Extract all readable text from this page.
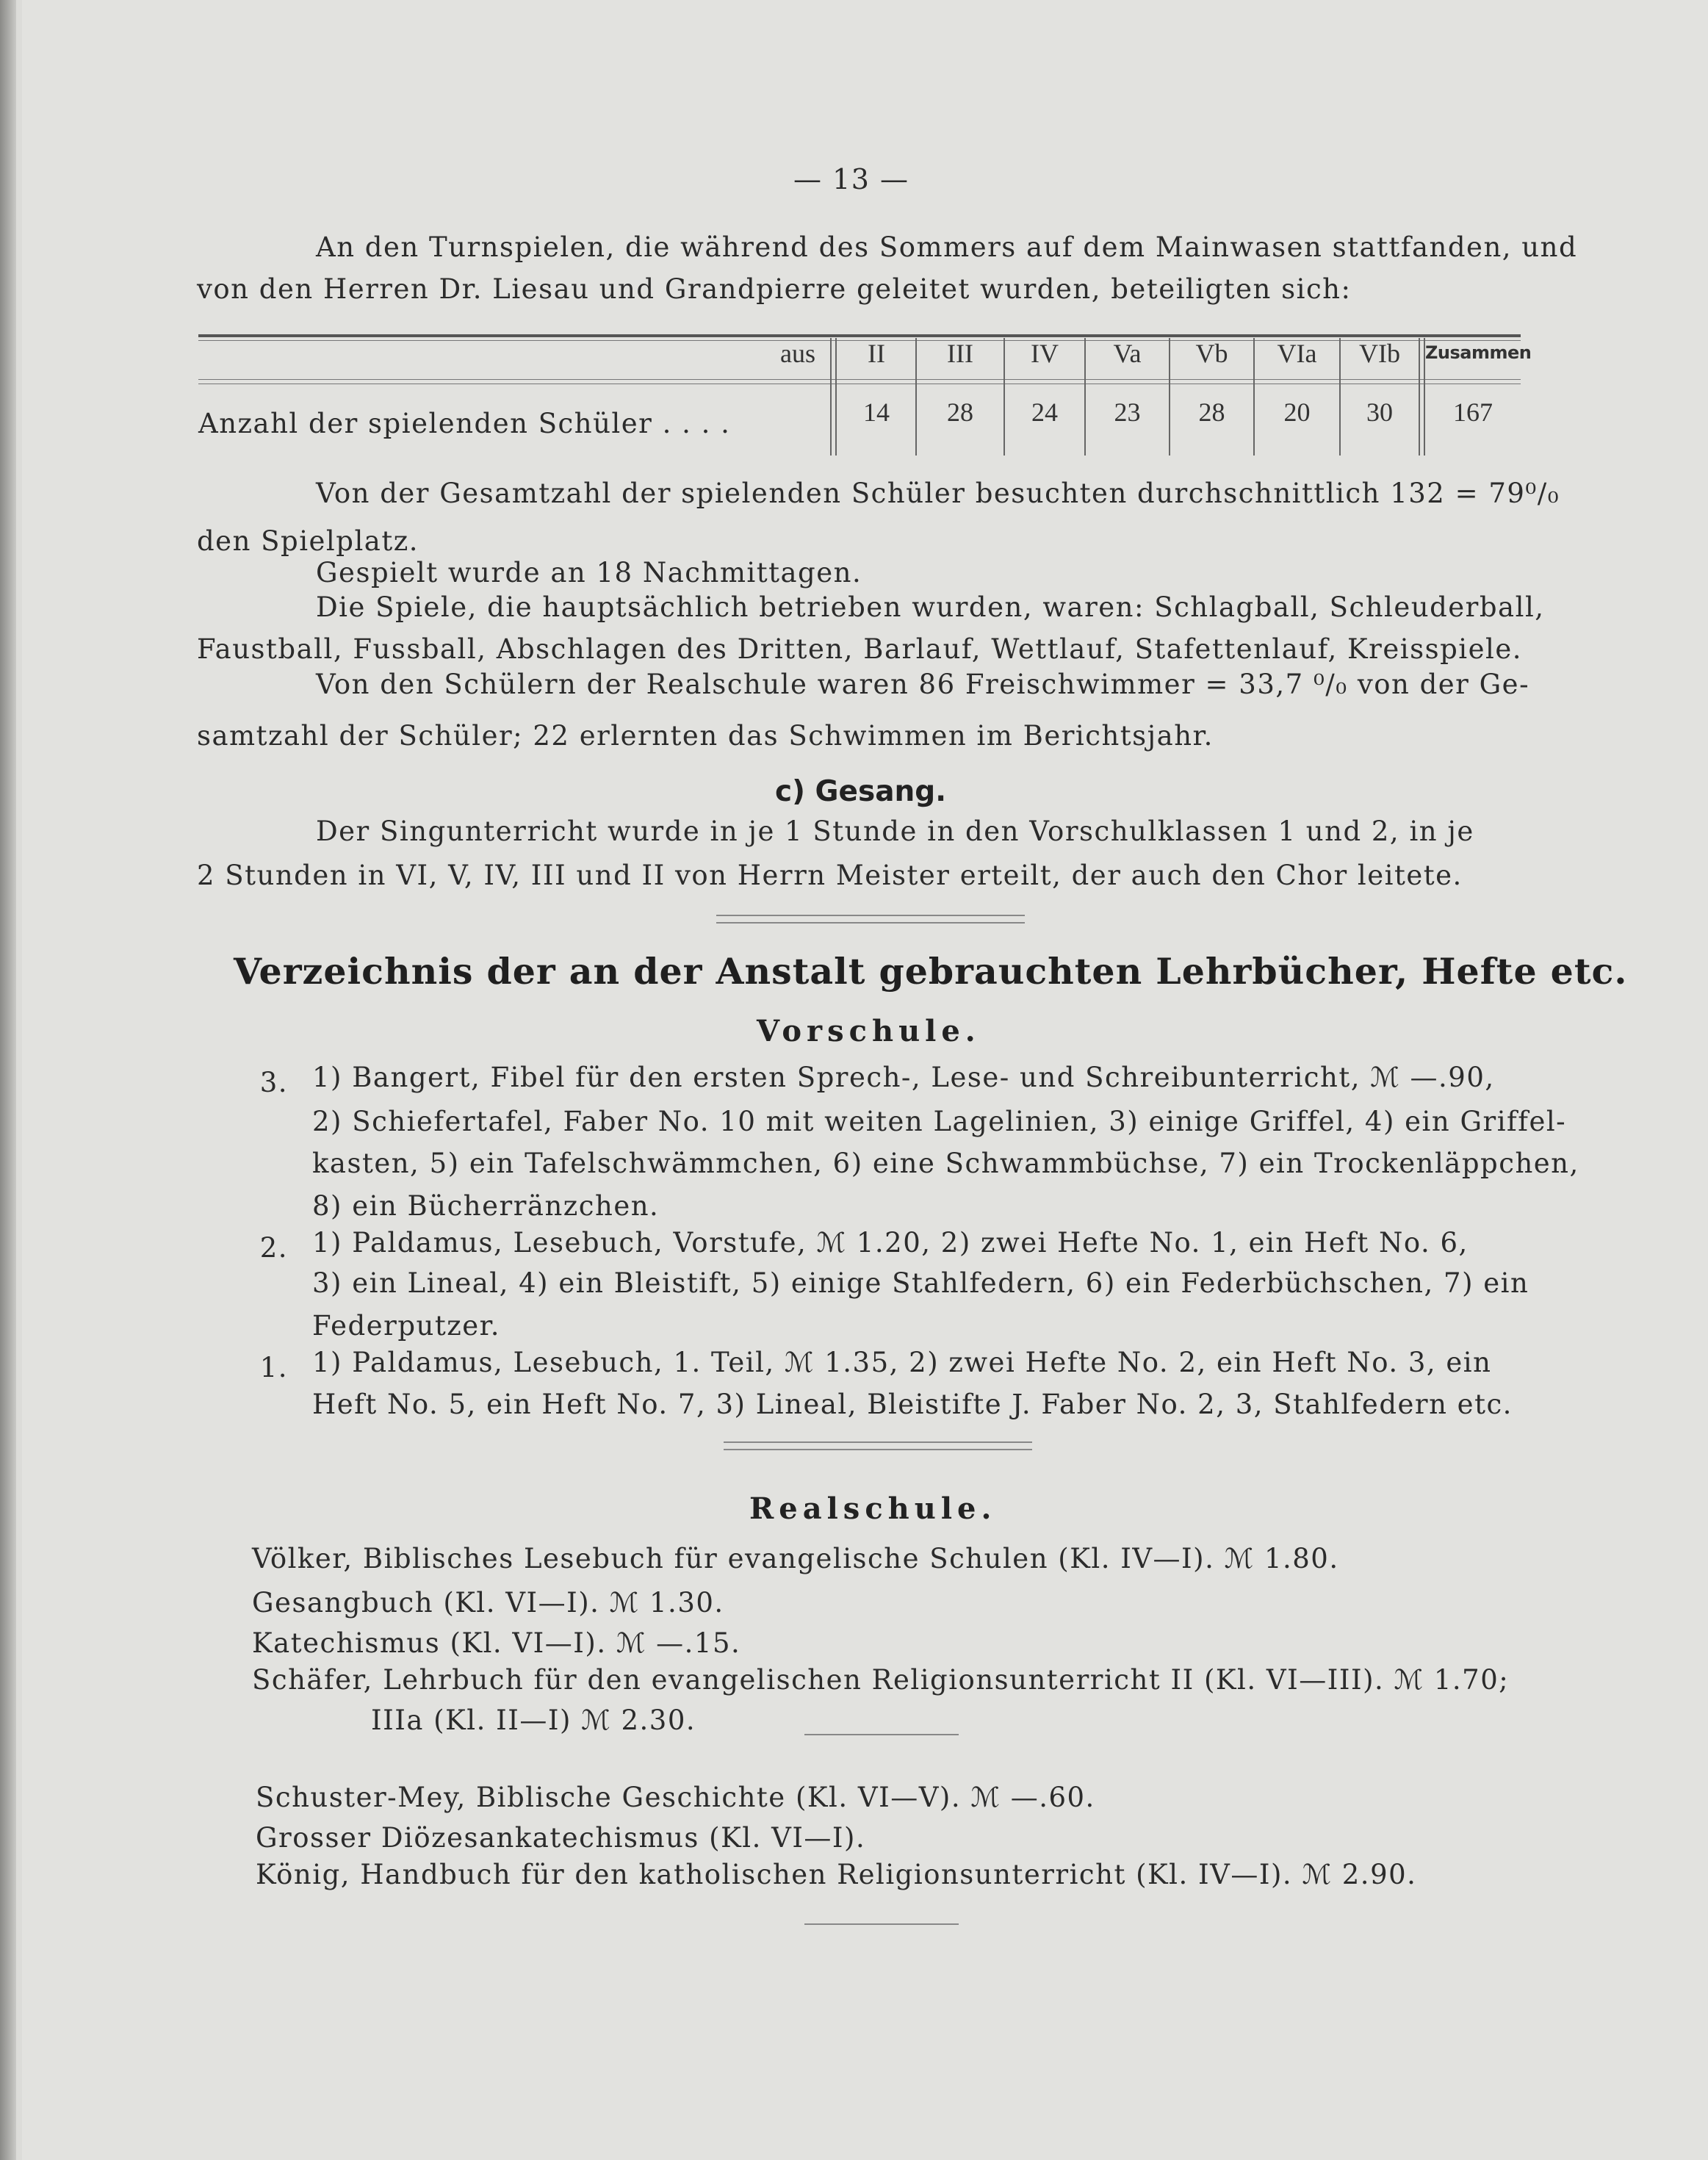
— 13 —
An den Turnspielen, die während des Sommers auf dem Mainwasen stattfanden, und
von den Herren Dr. Liesau und Grandpierre geleitet wurden, beteiligten sich:
aus	II	III	IV	Va	Vb	VIa	VIb	Zusammen
Anzahl der spielenden Schüler . . . .	14	28	24	23	28	20	30	167
Von der Gesamtzahl der spielenden Schüler besuchten durchschnittlich 132 = 79⁰/₀
den Spielplatz.
Gespielt wurde an 18 Nachmittagen.
Die Spiele, die hauptsächlich betrieben wurden, waren: Schlagball, Schleuderball,
Faustball, Fussball, Abschlagen des Dritten, Barlauf, Wettlauf, Stafettenlauf, Kreisspiele.
Von den Schülern der Realschule waren 86 Freischwimmer = 33,7 ⁰/₀ von der Ge-
samtzahl der Schüler; 22 erlernten das Schwimmen im Berichtsjahr.
c) Gesang.
Der Singunterricht wurde in je 1 Stunde in den Vorschulklassen 1 und 2, in je
2 Stunden in VI, V, IV, III und II von Herrn Meister erteilt, der auch den Chor leitete.
Verzeichnis der an der Anstalt gebrauchten Lehrbücher, Hefte etc.
Vorschule.
3. 1) Bangert, Fibel für den ersten Sprech-, Lese- und Schreibunterricht, ℳ —.90,
2) Schiefertafel, Faber No. 10 mit weiten Lagelinien, 3) einige Griffel, 4) ein Griffel-
kasten, 5) ein Tafelschwämmchen, 6) eine Schwammbüchse, 7) ein Trockenläppchen,
8) ein Bücherränzchen.
2. 1) Paldamus, Lesebuch, Vorstufe, ℳ 1.20, 2) zwei Hefte No. 1, ein Heft No. 6,
3) ein Lineal, 4) ein Bleistift, 5) einige Stahlfedern, 6) ein Federbüchschen, 7) ein
Federputzer.
1. 1) Paldamus, Lesebuch, 1. Teil, ℳ 1.35, 2) zwei Hefte No. 2, ein Heft No. 3, ein
Heft No. 5, ein Heft No. 7, 3) Lineal, Bleistifte J. Faber No. 2, 3, Stahlfedern etc.
Realschule.
Völker, Biblisches Lesebuch für evangelische Schulen (Kl. IV—I). ℳ 1.80.
Gesangbuch (Kl. VI—I). ℳ 1.30.
Katechismus (Kl. VI—I). ℳ —.15.
Schäfer, Lehrbuch für den evangelischen Religionsunterricht II (Kl. VI—III). ℳ 1.70;
IIIa (Kl. II—I) ℳ 2.30.
Schuster-Mey, Biblische Geschichte (Kl. VI—V). ℳ —.60.
Grosser Diözesankatechismus (Kl. VI—I).
König, Handbuch für den katholischen Religionsunterricht (Kl. IV—I). ℳ 2.90.
